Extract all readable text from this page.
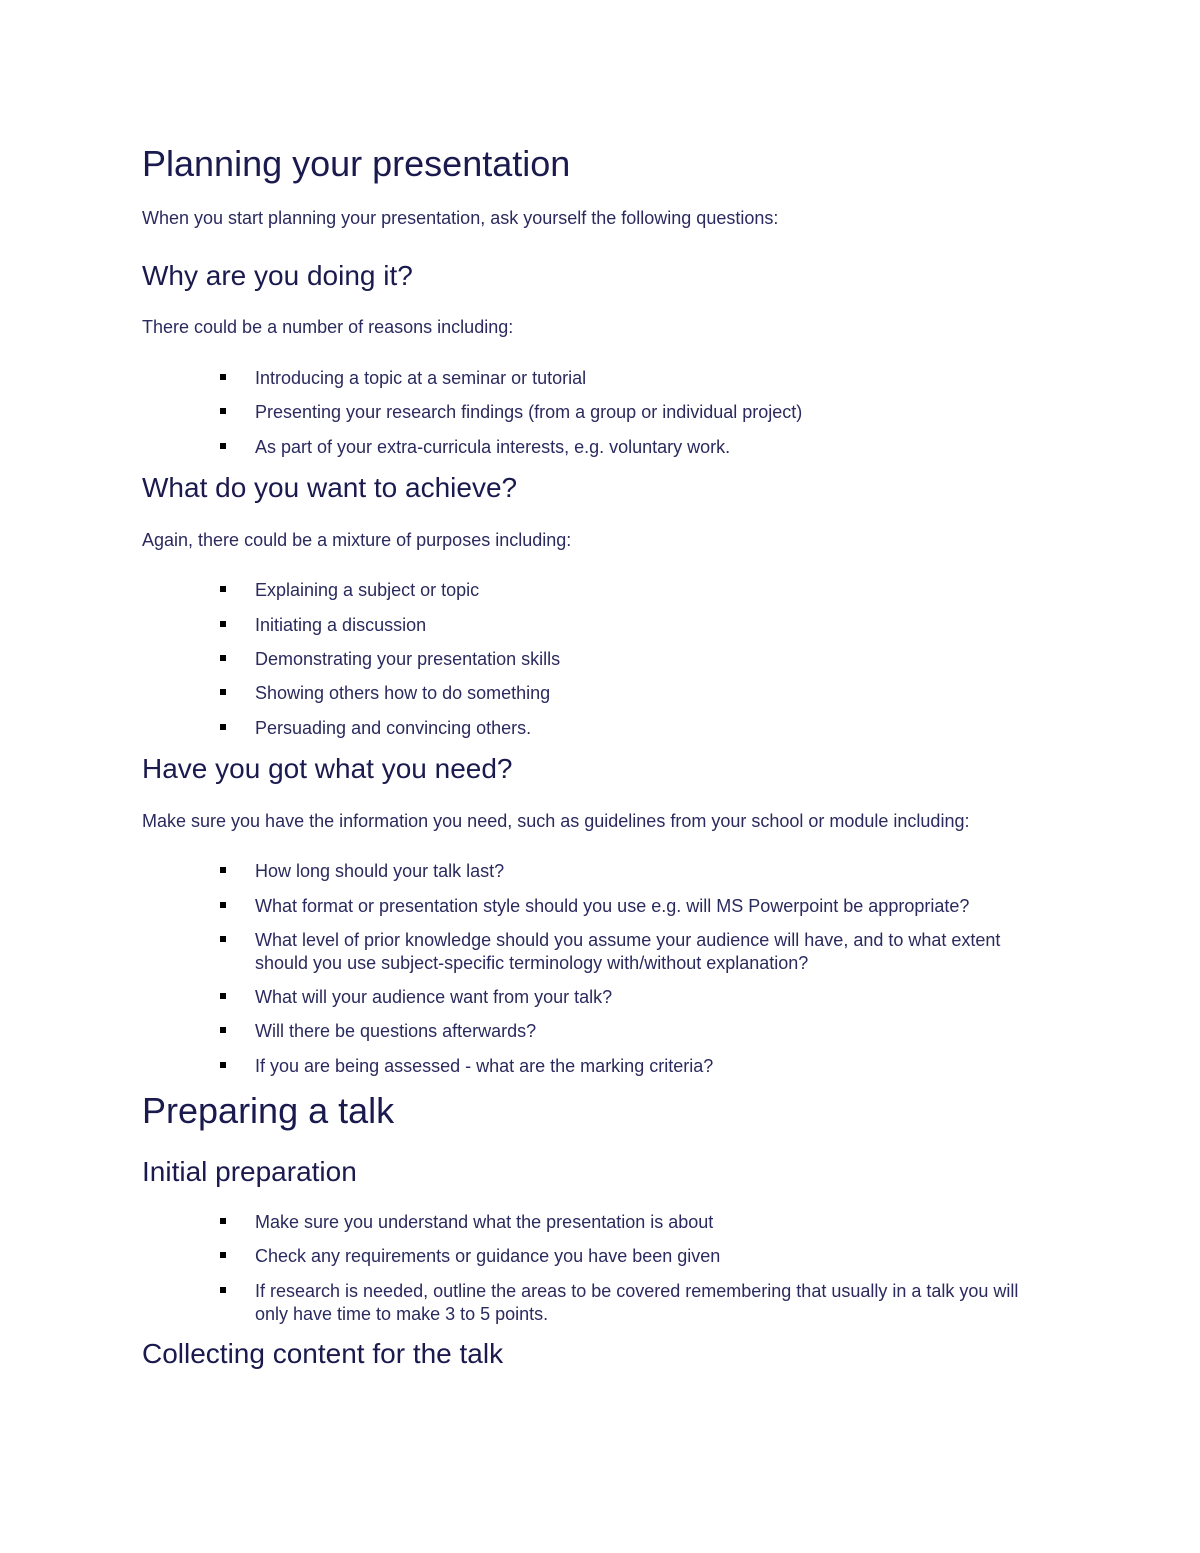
Planning your presentation

When you start planning your presentation, ask yourself the following questions:

Why are you doing it?

There could be a number of reasons including:

Introducing a topic at a seminar or tutorial
Presenting your research findings (from a group or individual project)
As part of your extra-curricula interests, e.g. voluntary work.
What do you want to achieve?

Again, there could be a mixture of purposes including:

Explaining a subject or topic
Initiating a discussion
Demonstrating your presentation skills
Showing others how to do something
Persuading and convincing others.
Have you got what you need?

Make sure you have the information you need, such as guidelines from your school or module including:

How long should your talk last?
What format or presentation style should you use e.g. will MS Powerpoint be appropriate?
What level of prior knowledge should you assume your audience will have, and to what extent should you use subject-specific terminology with/without explanation?
What will your audience want from your talk?
Will there be questions afterwards?
If you are being assessed - what are the marking criteria?
Preparing a talk
Initial preparation
Make sure you understand what the presentation is about
Check any requirements or guidance you have been given
If research is needed, outline the areas to be covered remembering that usually in a talk you will only have time to make 3 to 5 points.
Collecting content for the talk
